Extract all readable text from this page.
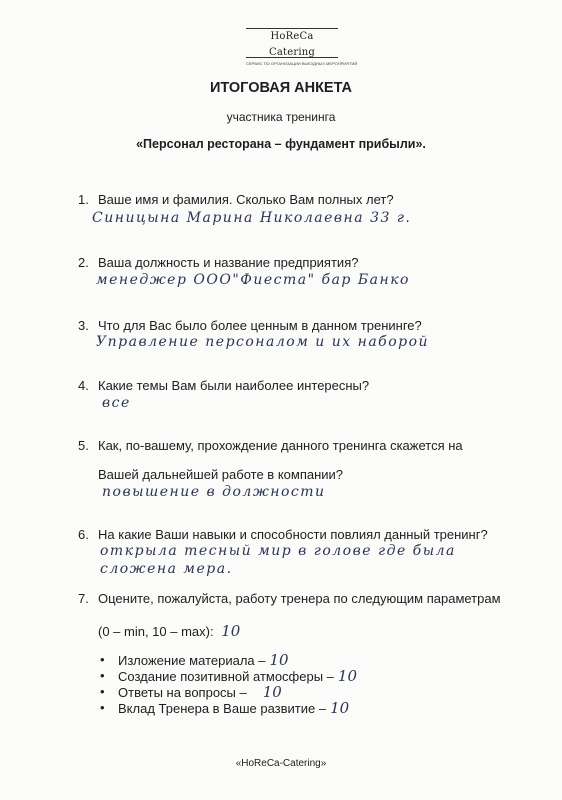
HoReCa Catering
СЕРВИС ПО ОРГАНИЗАЦИИ ВЫЕЗДНЫХ МЕРОПРИЯТИЙ
ИТОГОВАЯ АНКЕТА
участника тренинга
«Персонал ресторана – фундамент прибыли».
1. Ваше имя и фамилия. Сколько Вам полных лет?
Синицына Марина Николаевна 33 г.
2. Ваша должность и название предприятия?
менеджер ООО"Фиеста" бар Банко
3. Что для Вас было более ценным в данном тренинге?
Управление персоналом и их наборой
4. Какие темы Вам были наиболее интересны?
все
5. Как, по-вашему, прохождение данного тренинга скажется на
Вашей дальнейшей работе в компании?
повышение в должности
6. На какие Ваши навыки и способности повлиял данный тренинг?
открыла тесный мир в голове где была
сложена мера.
7. Оцените, пожалуйста, работу тренера по следующим параметрам
(0 – min, 10 – max): 10
• Изложение материала – 10
• Создание позитивной атмосферы – 10
• Ответы на вопросы – 10
• Вклад Тренера в Ваше развитие – 10
«HoReCa-Catering»
